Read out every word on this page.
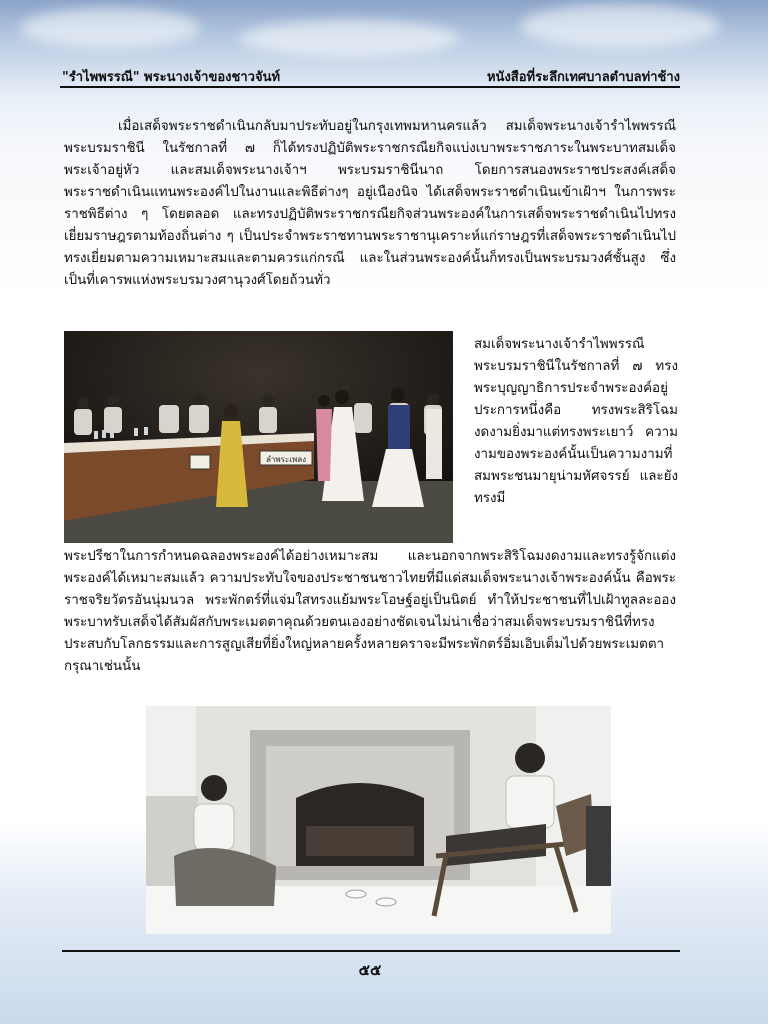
"รำไพพรรณี" พระนางเจ้าของชาวจันท์	หนังสือที่ระลึกเทศบาลตำบลท่าช้าง

เมื่อเสด็จพระราชดำเนินกลับมาประทับอยู่ในกรุงเทพมหานครแล้ว สมเด็จพระนางเจ้ารำไพพรรณี พระบรมราชินี ในรัชกาลที่ ๗ ก็ได้ทรงปฏิบัติพระราชกรณียกิจแบ่งเบาพระราชภาระในพระบาทสมเด็จพระเจ้าอยู่หัว และสมเด็จพระนางเจ้าฯ พระบรมราชินีนาถ โดยการสนองพระราชประสงค์เสด็จพระราชดำเนินแทนพระองค์ไปในงานและพิธีต่างๆ อยู่เนืองนิจ ได้เสด็จพระราชดำเนินเข้าเฝ้าฯ ในการพระราชพิธีต่าง ๆ โดยตลอด และทรงปฏิบัติพระราชกรณียกิจส่วนพระองค์ในการเสด็จพระราชดำเนินไปทรงเยี่ยมราษฎรตามท้องถิ่นต่าง ๆ เป็นประจำพระราชทานพระราชานุเคราะห์แก่ราษฎรที่เสด็จพระราชดำเนินไปทรงเยี่ยมตามความเหมาะสมและตามควรแก่กรณี และในส่วนพระองค์นั้นก็ทรงเป็นพระบรมวงศ์ชั้นสูง ซึ่งเป็นที่เคารพแห่งพระบรมวงศานุวงศ์โดยถ้วนทั่ว

ลำพระเพลง

สมเด็จพระนางเจ้ารำไพพรรณี พระบรมราชินีในรัชกาลที่ ๗ ทรงพระบุญญาธิการประจำพระองค์อยู่ประการหนึ่งคือ ทรงพระสิริโฉมงดงามยิ่งมาแต่ทรงพระเยาว์ ความงามของพระองค์นั้นเป็นความงามที่สมพระชนมายุน่ามหัศจรรย์ และยังทรงมี

พระปรีชาในการกำหนดฉลองพระองค์ได้อย่างเหมาะสม และนอกจากพระสิริโฉมงดงามและทรงรู้จักแต่งพระองค์ได้เหมาะสมแล้ว ความประทับใจของประชาชนชาวไทยที่มีแด่สมเด็จพระนางเจ้าพระองค์นั้น คือพระราชจริยวัตรอันนุ่มนวล พระพักตร์ที่แจ่มใสทรงแย้มพระโอษฐ์อยู่เป็นนิตย์ ทำให้ประชาชนที่ไปเฝ้าทูลละอองพระบาทรับเสด็จได้สัมผัสกับพระเมตตาคุณด้วยตนเองอย่างชัดเจนไม่น่าเชื่อว่าสมเด็จพระบรมราชินีที่ทรงประสบกับโลกธรรมและการสูญเสียที่ยิ่งใหญ่หลายครั้งหลายคราจะมีพระพักตร์อิ่มเอิบเต็มไปด้วยพระเมตตากรุณาเช่นนั้น

๕๕
